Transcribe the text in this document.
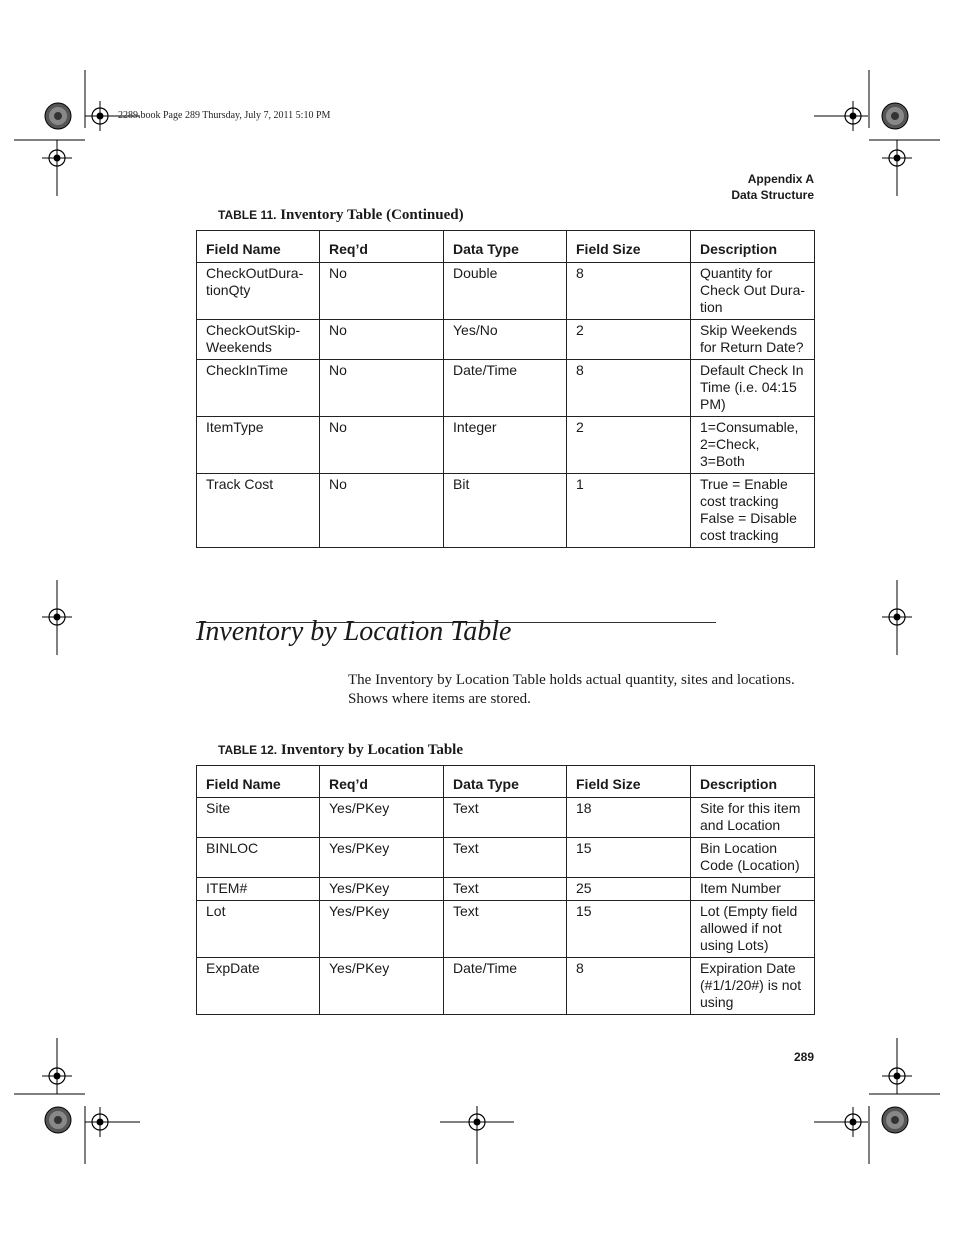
2289.book Page 289 Thursday, July 7, 2011 5:10 PM
Appendix A
Data Structure
TABLE 11. Inventory Table (Continued)
Field Name	Req’d	Data Type	Field Size	Description
CheckOutDura-tionQty	No	Double	8	Quantity for Check Out Dura-tion
CheckOutSkip-Weekends	No	Yes/No	2	Skip Weekends for Return Date?
CheckInTime	No	Date/Time	8	Default Check In Time (i.e. 04:15 PM)
ItemType	No	Integer	2	1=Consumable, 2=Check, 3=Both
Track Cost	No	Bit	1	True = Enable cost tracking False = Disable cost tracking
Inventory by Location Table
The Inventory by Location Table holds actual quantity, sites and locations. Shows where items are stored.
TABLE 12. Inventory by Location Table
Field Name	Req’d	Data Type	Field Size	Description
Site	Yes/PKey	Text	18	Site for this item and Location
BINLOC	Yes/PKey	Text	15	Bin Location Code (Location)
ITEM#	Yes/PKey	Text	25	Item Number
Lot	Yes/PKey	Text	15	Lot (Empty field allowed if not using Lots)
ExpDate	Yes/PKey	Date/Time	8	Expiration Date (#1/1/20#) is not using
289
